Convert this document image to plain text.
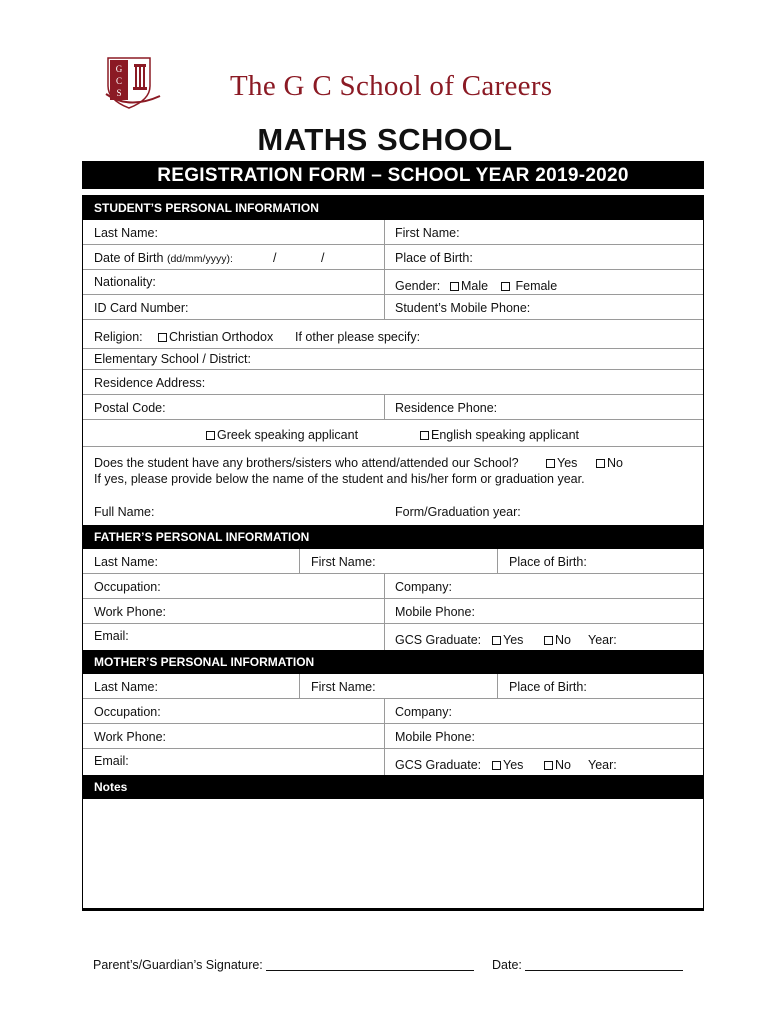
G
C
S	The G C School of Careers
MATHS SCHOOL
REGISTRATION FORM – SCHOOL YEAR 2019-2020
STUDENT’S PERSONAL INFORMATION
Last Name:	First Name:
Date of Birth (dd/mm/yyyy):	/	/	Place of Birth:
Nationality:	Gender:	Male	Female
ID Card Number:	Student’s Mobile Phone:
Religion:	Christian Orthodox If other please specify:
Elementary School / District:
Residence Address:
Postal Code:	Residence Phone:
Greek speaking applicant	English speaking applicant
Does the student have any brothers/sisters who attend/attended our School?	Yes	No
If yes, please provide below the name of the student and his/her form or graduation year.
Full Name:	Form/Graduation year:
FATHER’S PERSONAL INFORMATION
Last Name:	First Name:	Place of Birth:
Occupation:	Company:
Work Phone:	Mobile Phone:
Email:	GCS Graduate:	Yes	No Year:
MOTHER’S PERSONAL INFORMATION
Last Name:	First Name:	Place of Birth:
Occupation:	Company:
Work Phone:	Mobile Phone:
Email:	GCS Graduate:	Yes	No Year:
Notes
Parent’s/Guardian’s Signature:	Date:
